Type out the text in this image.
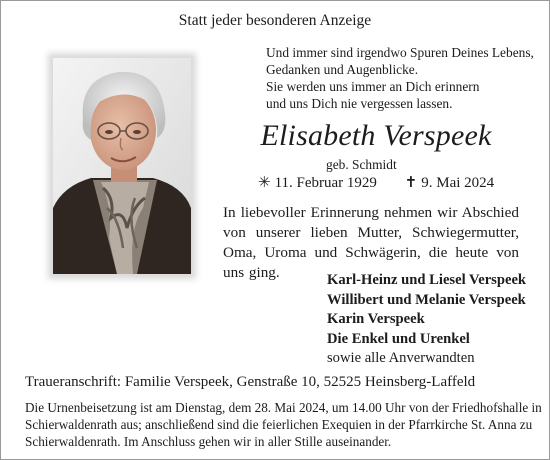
Statt jeder besonderen Anzeige
Und immer sind irgendwo Spuren Deines Lebens,
Gedanken und Augenblicke.
Sie werden uns immer an Dich erinnern
und uns Dich nie vergessen lassen.
Elisabeth Verspeek
geb. Schmidt
✳ 11. Februar 1929 ✝ 9. Mai 2024
In liebevoller Erinnerung nehmen wir Abschied von unserer lieben Mutter, Schwiegermutter, Oma, Uroma und Schwägerin, die heute von uns ging.	Karl-Heinz und Liesel Verspeek
Willibert und Melanie Verspeek
Karin Verspeek
Die Enkel und Urenkel
sowie alle Anverwandten
Traueranschrift: Familie Verspeek, Genstraße 10, 52525 Heinsberg-Laffeld
Die Urnenbeisetzung ist am Dienstag, dem 28. Mai 2024, um 14.00 Uhr von der Friedhofshalle in
Schierwaldenrath aus; anschließend sind die feierlichen Exequien in der Pfarrkirche St. Anna zu
Schierwaldenrath. Im Anschluss gehen wir in aller Stille auseinander.
